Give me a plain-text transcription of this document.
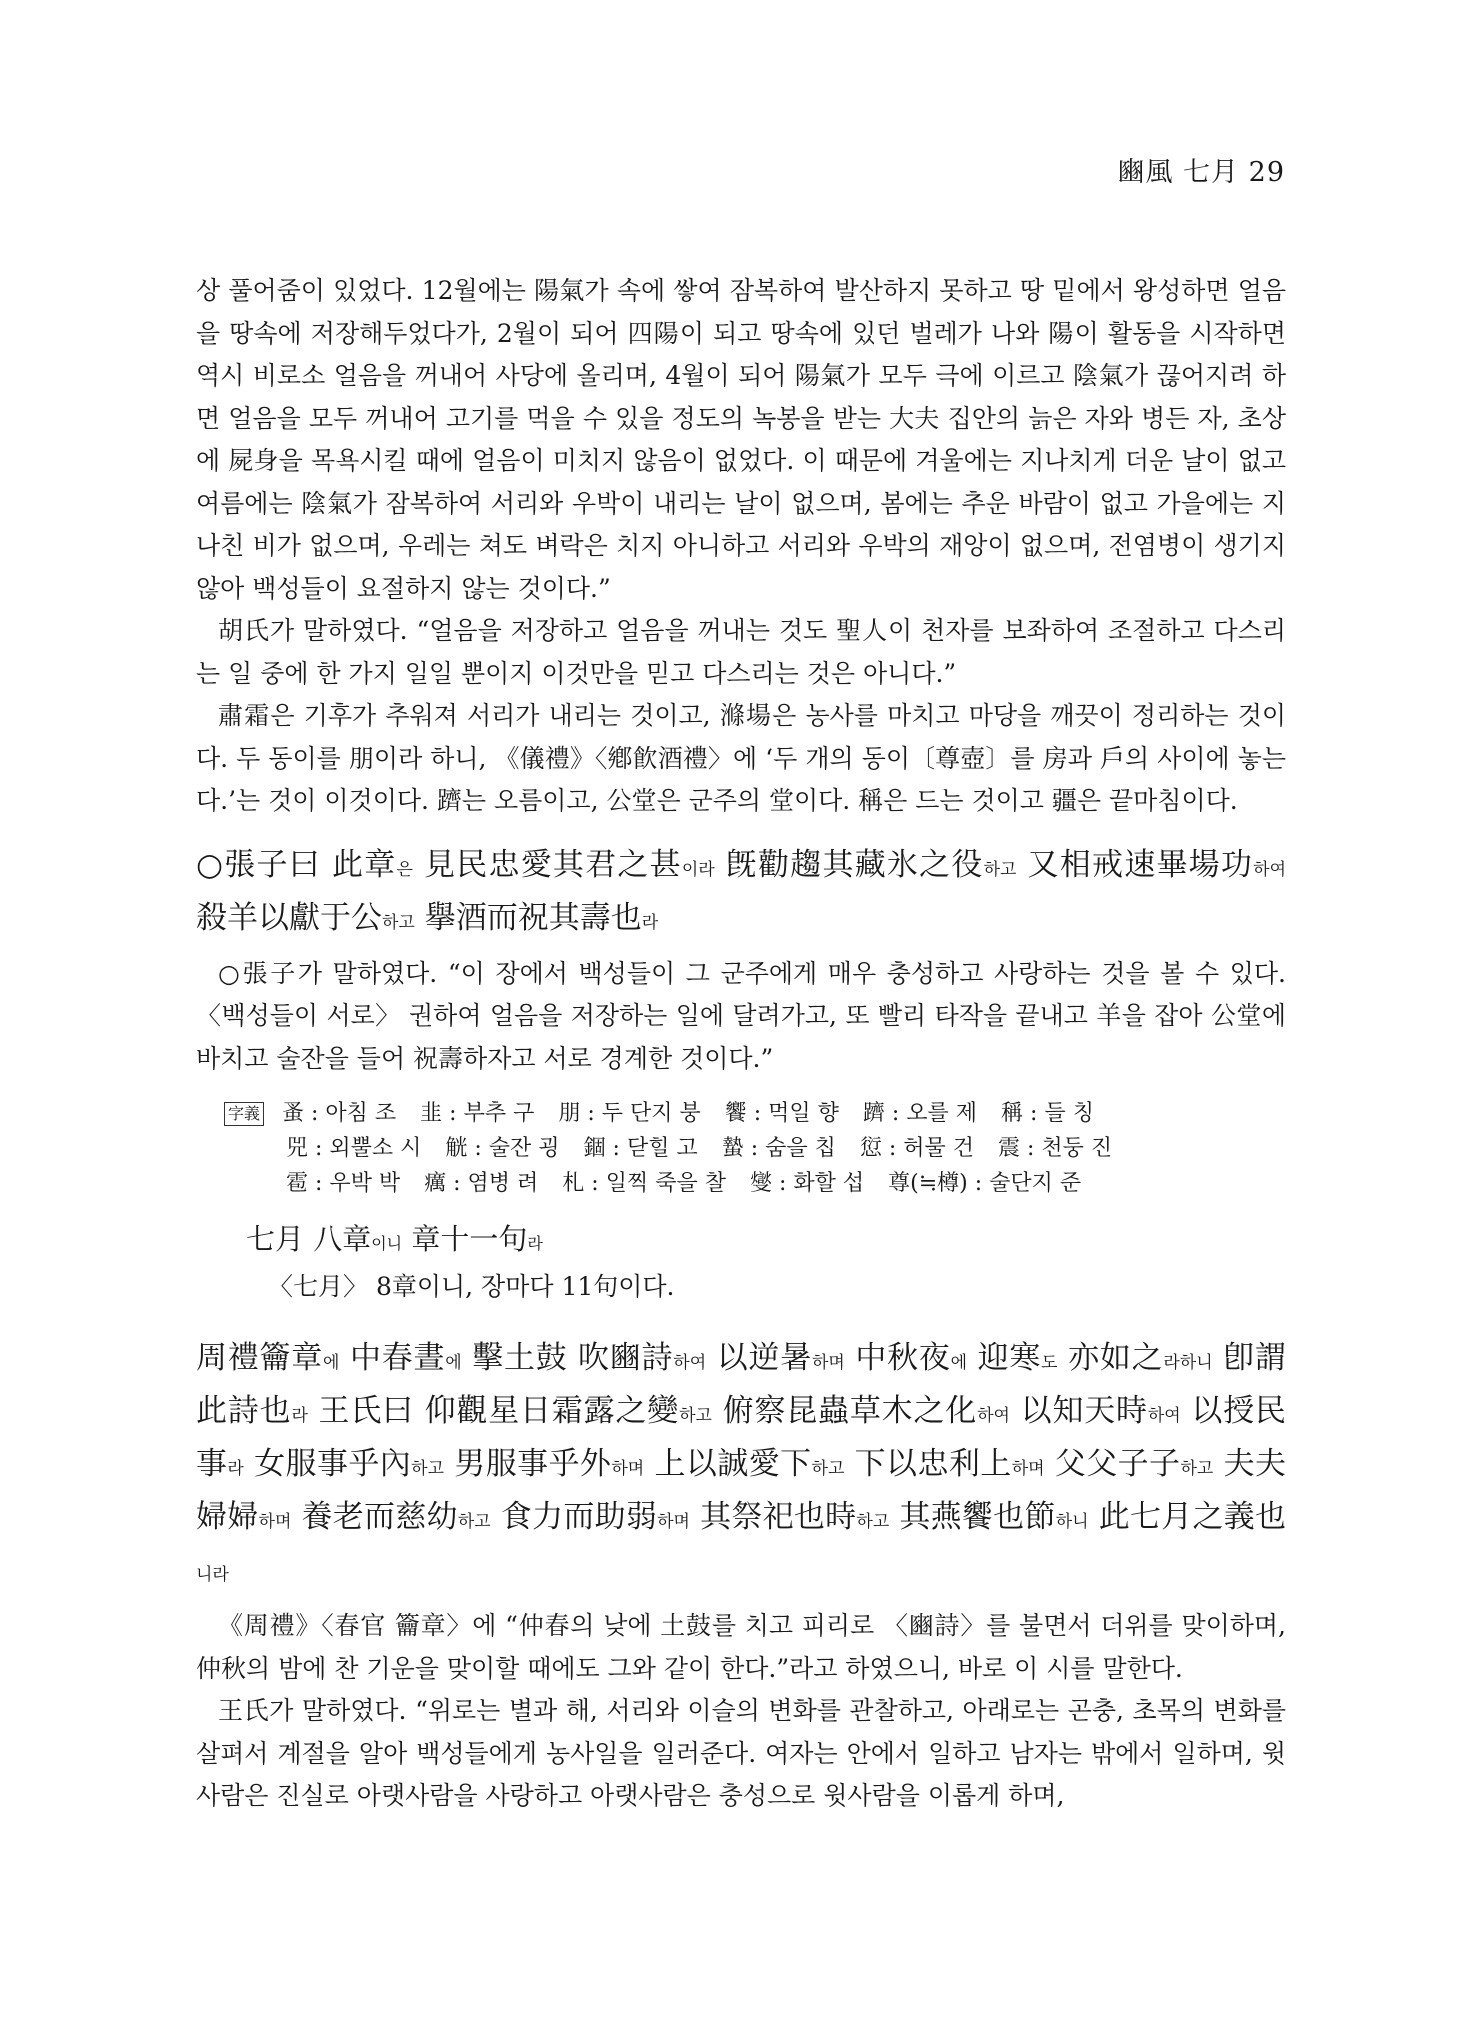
豳風 七月 29

상 풀어줌이 있었다. 12월에는 陽氣가 속에 쌓여 잠복하여 발산하지 못하고 땅 밑에서 왕성하면 얼음을 땅속에 저장해두었다가, 2월이 되어 四陽이 되고 땅속에 있던 벌레가 나와 陽이 활동을 시작하면 역시 비로소 얼음을 꺼내어 사당에 올리며, 4월이 되어 陽氣가 모두 극에 이르고 陰氣가 끊어지려 하면 얼음을 모두 꺼내어 고기를 먹을 수 있을 정도의 녹봉을 받는 大夫 집안의 늙은 자와 병든 자, 초상에 屍身을 목욕시킬 때에 얼음이 미치지 않음이 없었다. 이 때문에 겨울에는 지나치게 더운 날이 없고 여름에는 陰氣가 잠복하여 서리와 우박이 내리는 날이 없으며, 봄에는 추운 바람이 없고 가을에는 지나친 비가 없으며, 우레는 쳐도 벼락은 치지 아니하고 서리와 우박의 재앙이 없으며, 전염병이 생기지 않아 백성들이 요절하지 않는 것이다.”

胡氏가 말하였다. “얼음을 저장하고 얼음을 꺼내는 것도 聖人이 천자를 보좌하여 조절하고 다스리는 일 중에 한 가지 일일 뿐이지 이것만을 믿고 다스리는 것은 아니다.”

肅霜은 기후가 추워져 서리가 내리는 것이고, 滌場은 농사를 마치고 마당을 깨끗이 정리하는 것이다. 두 동이를 朋이라 하니, 《儀禮》〈鄕飮酒禮〉에 ‘두 개의 동이〔尊壺〕를 房과 戶의 사이에 놓는다.’는 것이 이것이다. 躋는 오름이고, 公堂은 군주의 堂이다. 稱은 드는 것이고 疆은 끝마침이다.

○張子曰 此章은 見民忠愛其君之甚이라 旣勸趨其藏氷之役하고 又相戒速畢場功하여 殺羊以獻于公하고 擧酒而祝其壽也라

○張子가 말하였다. “이 장에서 백성들이 그 군주에게 매우 충성하고 사랑하는 것을 볼 수 있다. 〈백성들이 서로〉 권하여 얼음을 저장하는 일에 달려가고, 또 빨리 타작을 끝내고 羊을 잡아 公堂에 바치고 술잔을 들어 祝壽하자고 서로 경계한 것이다.”

字義 蚤 : 아침 조 韭 : 부추 구 朋 : 두 단지 붕 饗 : 먹일 향 躋 : 오를 제 稱 : 들 칭
兕 : 외뿔소 시 觥 : 술잔 굉 錮 : 닫힐 고 蟄 : 숨을 칩 愆 : 허물 건 震 : 천둥 진
雹 : 우박 박 癘 : 염병 려 札 : 일찍 죽을 찰 燮 : 화할 섭 尊(≒樽) : 술단지 준
七月 八章이니 章十一句라
〈七月〉 8章이니, 장마다 11句이다.

周禮籥章에 中春晝에 擊土鼓 吹豳詩하여 以逆暑하며 中秋夜에 迎寒도 亦如之라하니 卽謂此詩也라 王氏曰 仰觀星日霜露之變하고 俯察昆蟲草木之化하여 以知天時하여 以授民事라 女服事乎內하고 男服事乎外하며 上以誠愛下하고 下以忠利上하며 父父子子하고 夫夫婦婦하며 養老而慈幼하고 食力而助弱하며 其祭祀也時하고 其燕饗也節하니 此七月之義也니라

《周禮》〈春官 籥章〉에 “仲春의 낮에 土鼓를 치고 피리로 〈豳詩〉를 불면서 더위를 맞이하며, 仲秋의 밤에 찬 기운을 맞이할 때에도 그와 같이 한다.”라고 하였으니, 바로 이 시를 말한다.

王氏가 말하였다. “위로는 별과 해, 서리와 이슬의 변화를 관찰하고, 아래로는 곤충, 초목의 변화를 살펴서 계절을 알아 백성들에게 농사일을 일러준다. 여자는 안에서 일하고 남자는 밖에서 일하며, 윗사람은 진실로 아랫사람을 사랑하고 아랫사람은 충성으로 윗사람을 이롭게 하며,
